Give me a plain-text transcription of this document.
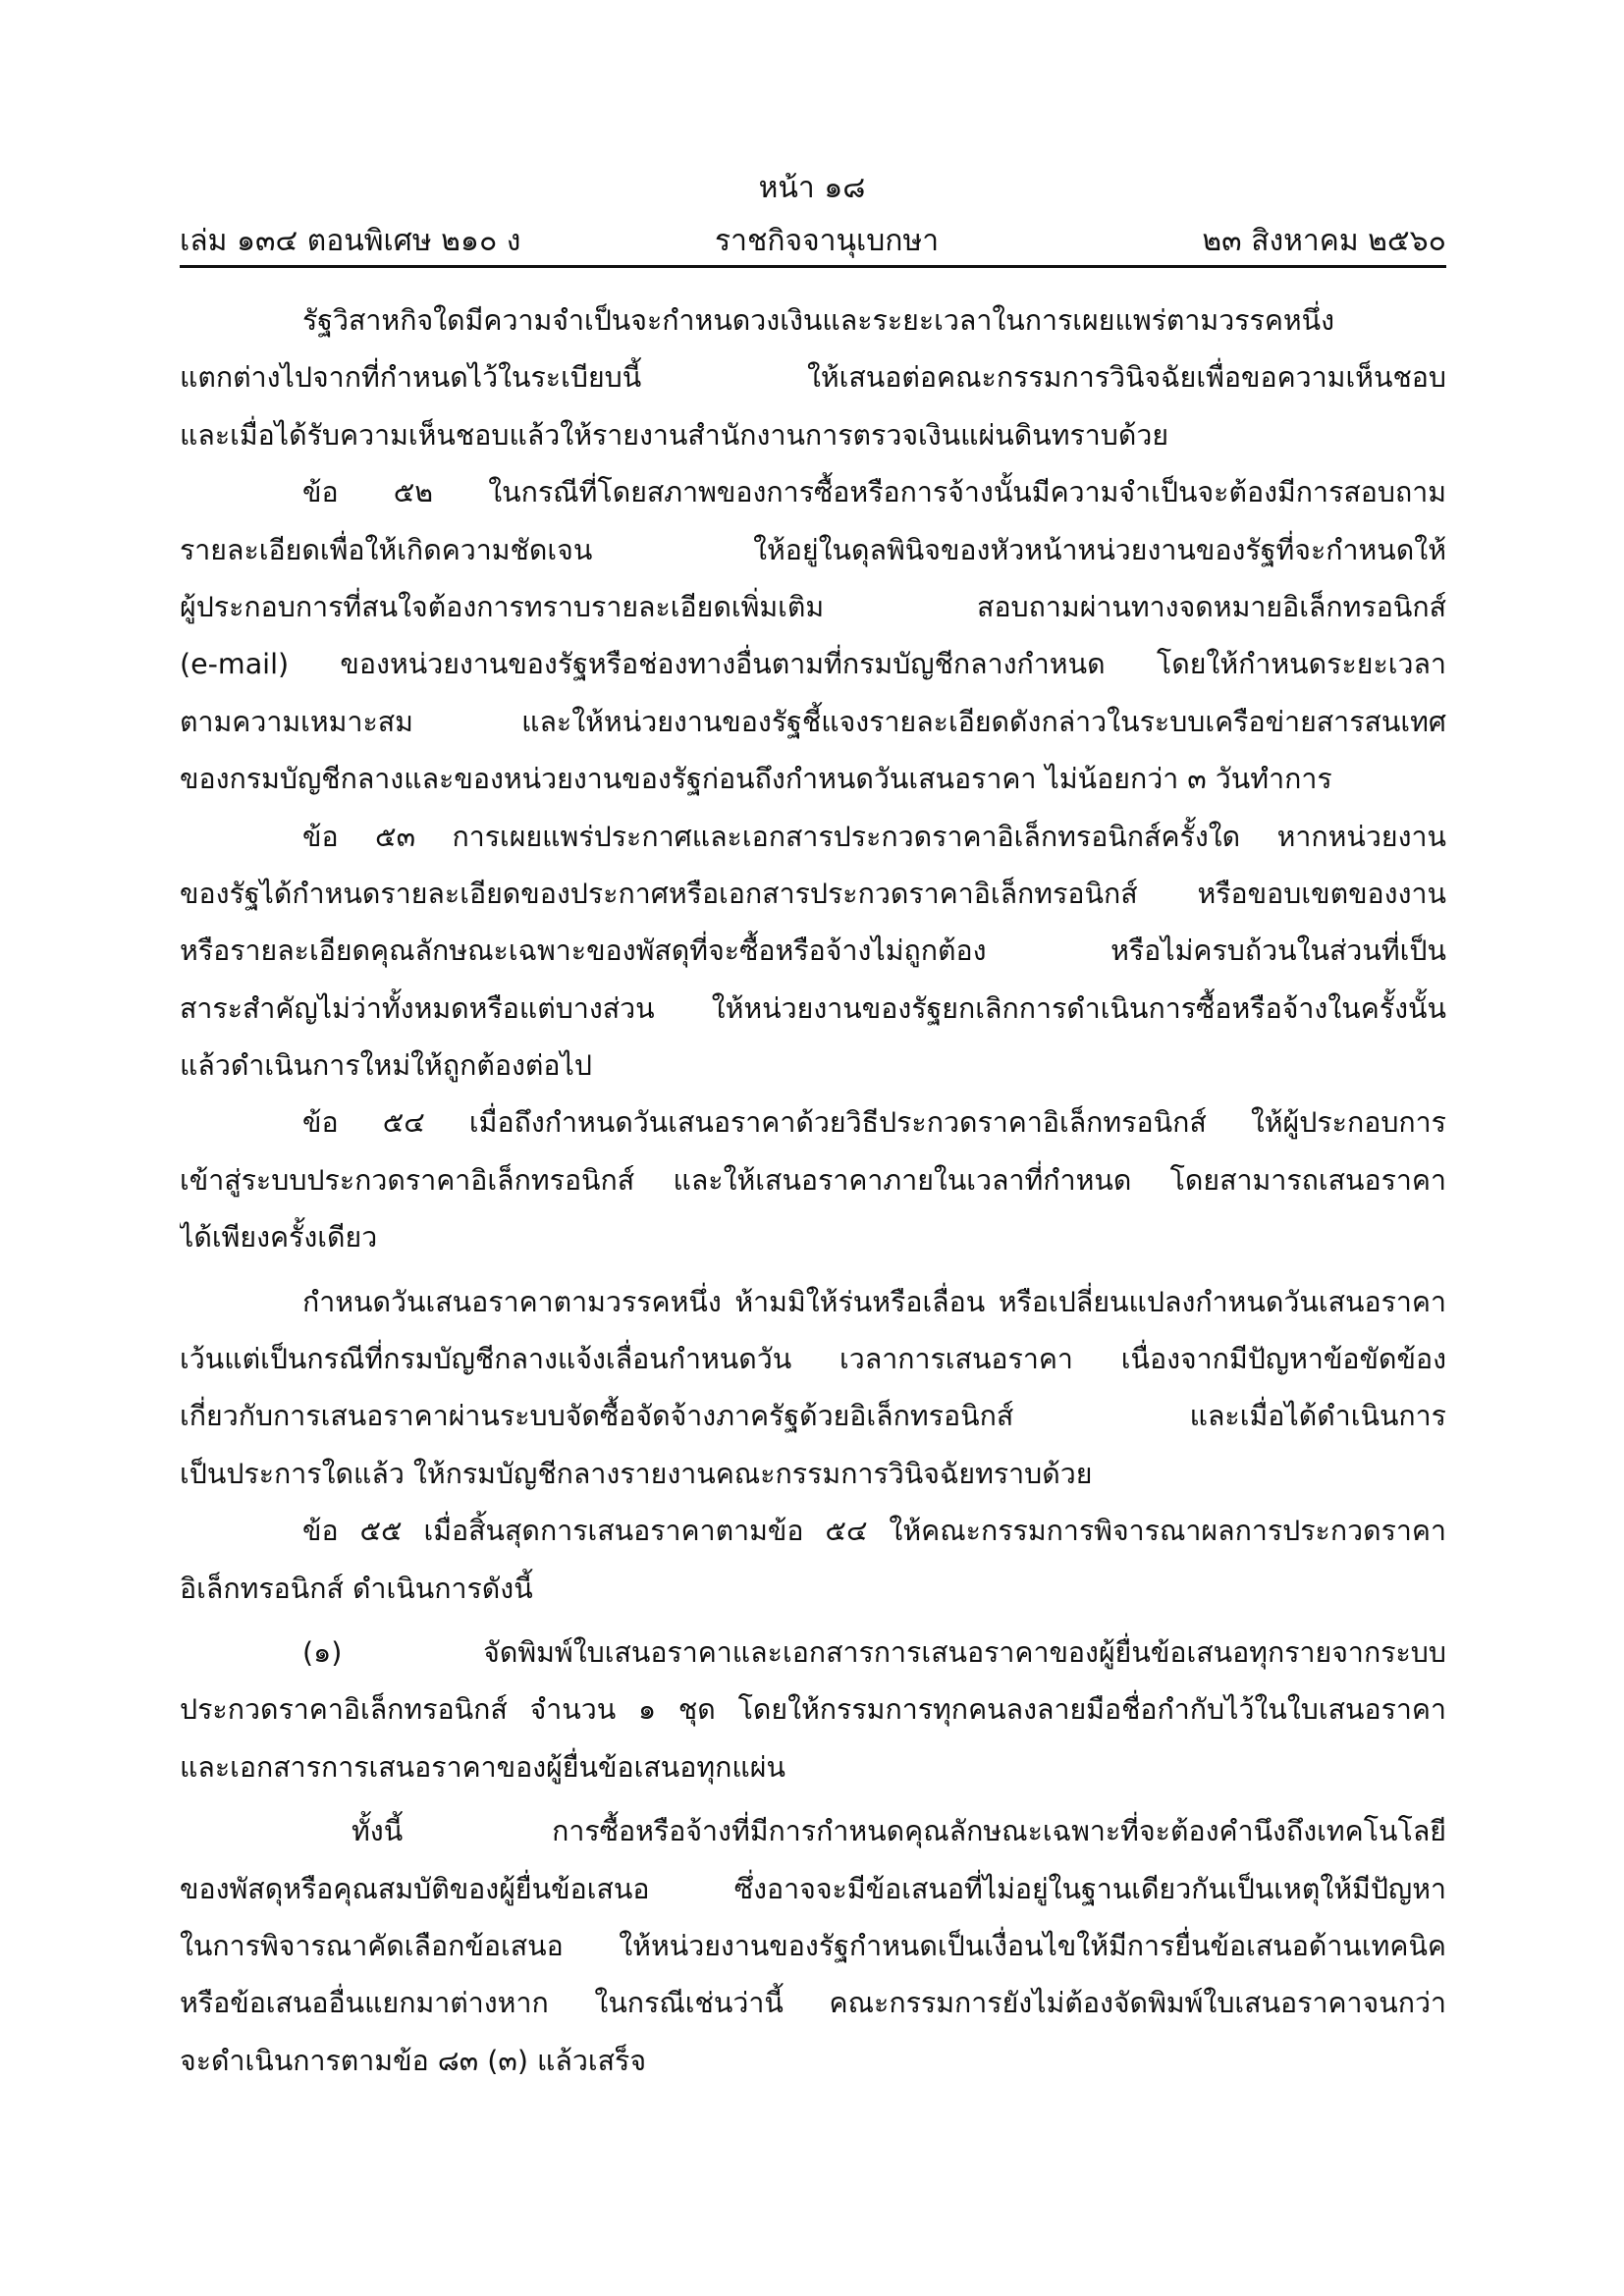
หน้า ๑๘
เล่ม ๑๓๔ ตอนพิเศษ ๒๑๐ ง	ราชกิจจานุเบกษา	๒๓ สิงหาคม ๒๕๖๐
รัฐวิสาหกิจใดมีความจำเป็นจะกำหนดวงเงินและระยะเวลาในการเผยแพร่ตามวรรคหนึ่ง
แตกต่างไปจากที่กำหนดไว้ในระเบียบนี้ ให้เสนอต่อคณะกรรมการวินิจฉัยเพื่อขอความเห็นชอบ
และเมื่อได้รับความเห็นชอบแล้วให้รายงานสำนักงานการตรวจเงินแผ่นดินทราบด้วย
ข้อ ๕๒ ในกรณีที่โดยสภาพของการซื้อหรือการจ้างนั้นมีความจำเป็นจะต้องมีการสอบถาม
รายละเอียดเพื่อให้เกิดความชัดเจน ให้อยู่ในดุลพินิจของหัวหน้าหน่วยงานของรัฐที่จะกำหนดให้
ผู้ประกอบการที่สนใจต้องการทราบรายละเอียดเพิ่มเติม สอบถามผ่านทางจดหมายอิเล็กทรอนิกส์
(e-mail) ของหน่วยงานของรัฐหรือช่องทางอื่นตามที่กรมบัญชีกลางกำหนด โดยให้กำหนดระยะเวลา
ตามความเหมาะสม และให้หน่วยงานของรัฐชี้แจงรายละเอียดดังกล่าวในระบบเครือข่ายสารสนเทศ
ของกรมบัญชีกลางและของหน่วยงานของรัฐก่อนถึงกำหนดวันเสนอราคา ไม่น้อยกว่า ๓ วันทำการ
ข้อ ๕๓ การเผยแพร่ประกาศและเอกสารประกวดราคาอิเล็กทรอนิกส์ครั้งใด หากหน่วยงาน
ของรัฐได้กำหนดรายละเอียดของประกาศหรือเอกสารประกวดราคาอิเล็กทรอนิกส์ หรือขอบเขตของงาน
หรือรายละเอียดคุณลักษณะเฉพาะของพัสดุที่จะซื้อหรือจ้างไม่ถูกต้อง หรือไม่ครบถ้วนในส่วนที่เป็น
สาระสำคัญไม่ว่าทั้งหมดหรือแต่บางส่วน ให้หน่วยงานของรัฐยกเลิกการดำเนินการซื้อหรือจ้างในครั้งนั้น
แล้วดำเนินการใหม่ให้ถูกต้องต่อไป
ข้อ ๕๔ เมื่อถึงกำหนดวันเสนอราคาด้วยวิธีประกวดราคาอิเล็กทรอนิกส์ ให้ผู้ประกอบการ
เข้าสู่ระบบประกวดราคาอิเล็กทรอนิกส์ และให้เสนอราคาภายในเวลาที่กำหนด โดยสามารถเสนอราคา
ได้เพียงครั้งเดียว
กำหนดวันเสนอราคาตามวรรคหนึ่ง ห้ามมิให้ร่นหรือเลื่อน หรือเปลี่ยนแปลงกำหนดวันเสนอราคา
เว้นแต่เป็นกรณีที่กรมบัญชีกลางแจ้งเลื่อนกำหนดวัน เวลาการเสนอราคา เนื่องจากมีปัญหาข้อขัดข้อง
เกี่ยวกับการเสนอราคาผ่านระบบจัดซื้อจัดจ้างภาครัฐด้วยอิเล็กทรอนิกส์ และเมื่อได้ดำเนินการ
เป็นประการใดแล้ว ให้กรมบัญชีกลางรายงานคณะกรรมการวินิจฉัยทราบด้วย
ข้อ ๕๕ เมื่อสิ้นสุดการเสนอราคาตามข้อ ๕๔ ให้คณะกรรมการพิจารณาผลการประกวดราคา
อิเล็กทรอนิกส์ ดำเนินการดังนี้
(๑) จัดพิมพ์ใบเสนอราคาและเอกสารการเสนอราคาของผู้ยื่นข้อเสนอทุกรายจากระบบ
ประกวดราคาอิเล็กทรอนิกส์ จำนวน ๑ ชุด โดยให้กรรมการทุกคนลงลายมือชื่อกำกับไว้ในใบเสนอราคา
และเอกสารการเสนอราคาของผู้ยื่นข้อเสนอทุกแผ่น
ทั้งนี้ การซื้อหรือจ้างที่มีการกำหนดคุณลักษณะเฉพาะที่จะต้องคำนึงถึงเทคโนโลยี
ของพัสดุหรือคุณสมบัติของผู้ยื่นข้อเสนอ ซึ่งอาจจะมีข้อเสนอที่ไม่อยู่ในฐานเดียวกันเป็นเหตุให้มีปัญหา
ในการพิจารณาคัดเลือกข้อเสนอ ให้หน่วยงานของรัฐกำหนดเป็นเงื่อนไขให้มีการยื่นข้อเสนอด้านเทคนิค
หรือข้อเสนออื่นแยกมาต่างหาก ในกรณีเช่นว่านี้ คณะกรรมการยังไม่ต้องจัดพิมพ์ใบเสนอราคาจนกว่า
จะดำเนินการตามข้อ ๘๓ (๓) แล้วเสร็จ
